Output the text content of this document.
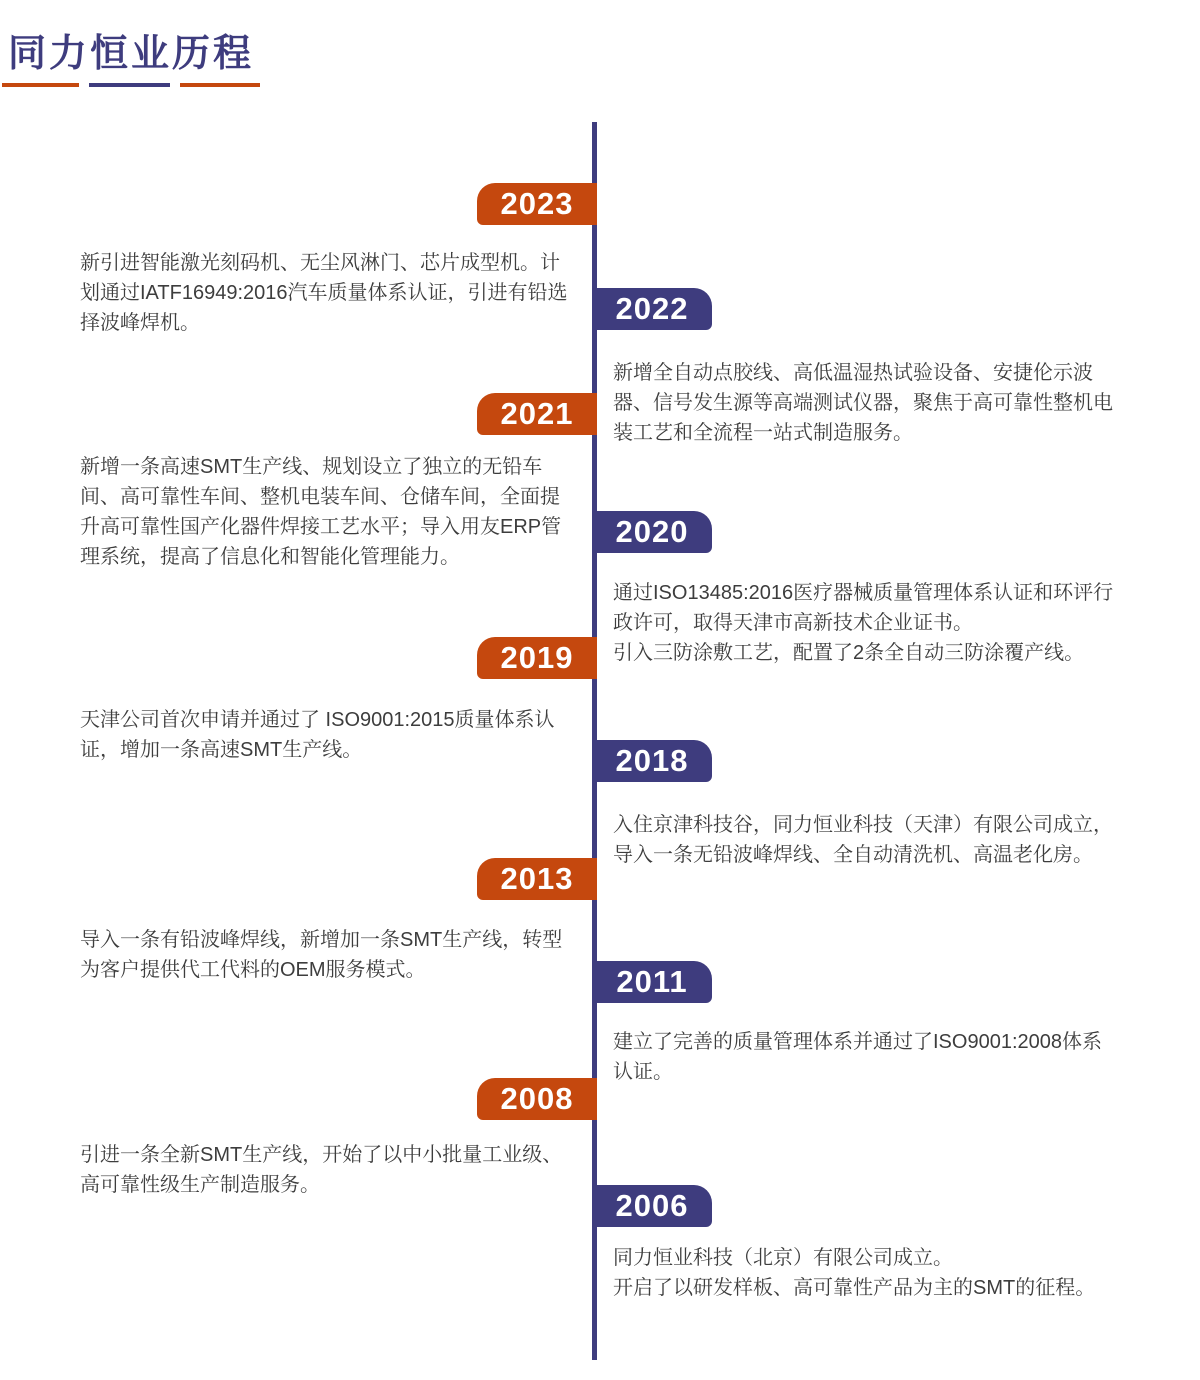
同力恒业历程
2023

新引进智能激光刻码机、无尘风淋门、芯片成型机。计划通过IATF16949:2016汽车质量体系认证，引进有铅选择波峰焊机。	2022

新增全自动点胶线、高低温湿热试验设备、安捷伦示波器、信号发生源等高端测试仪器，聚焦于高可靠性整机电装工艺和全流程一站式制造服务。

2021

新增一条高速SMT生产线、规划设立了独立的无铅车间、高可靠性车间、整机电装车间、仓储车间，全面提升高可靠性国产化器件焊接工艺水平；导入用友ERP管理系统，提高了信息化和智能化管理能力。

2020

通过ISO13485:2016医疗器械质量管理体系认证和环评行政许可，取得天津市高新技术企业证书。

引入三防涂敷工艺，配置了2条全自动三防涂覆产线。

2019

天津公司首次申请并通过了 ISO9001:2015质量体系认证，增加一条高速SMT生产线。	2018

入住京津科技谷，同力恒业科技（天津）有限公司成立，导入一条无铅波峰焊线、全自动清洗机、高温老化房。

2013

导入一条有铅波峰焊线，新增加一条SMT生产线，转型为客户提供代工代料的OEM服务模式。	2011

建立了完善的质量管理体系并通过了ISO9001:2008体系认证。

2008

引进一条全新SMT生产线，开始了以中小批量工业级、高可靠性级生产制造服务。

2006

同力恒业科技（北京）有限公司成立。

开启了以研发样板、高可靠性产品为主的SMT的征程。
